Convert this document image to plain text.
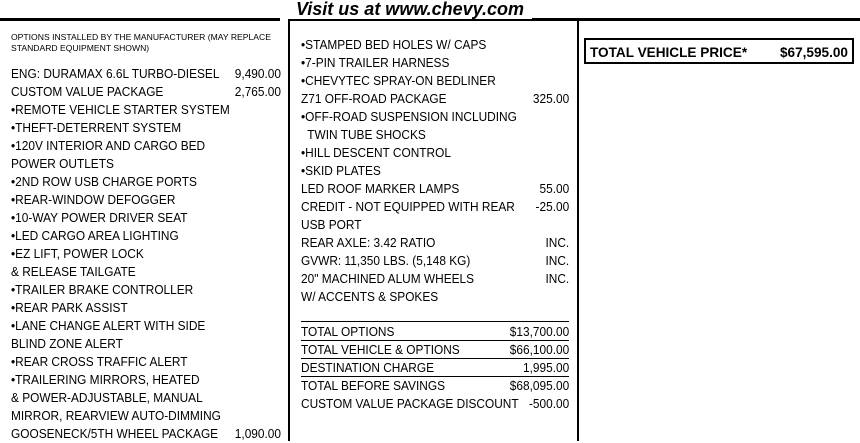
Visit us at www.chevy.com
OPTIONS INSTALLED BY THE MANUFACTURER (MAY REPLACE
STANDARD EQUIPMENT SHOWN)
ENG: DURAMAX 6.6L TURBO-DIESEL 9,490.00
CUSTOM VALUE PACKAGE	2,765.00
• REMOTE VEHICLE STARTER SYSTEM
• THEFT-DETERRENT SYSTEM
• 120V INTERIOR AND CARGO BED
POWER OUTLETS
• 2ND ROW USB CHARGE PORTS
• REAR-WINDOW DEFOGGER
• 10-WAY POWER DRIVER SEAT
• LED CARGO AREA LIGHTING
• EZ LIFT, POWER LOCK
& RELEASE TAILGATE
• TRAILER BRAKE CONTROLLER
• REAR PARK ASSIST
• LANE CHANGE ALERT WITH SIDE
BLIND ZONE ALERT
• REAR CROSS TRAFFIC ALERT
• TRAILERING MIRRORS, HEATED
& POWER-ADJUSTABLE, MANUAL
MIRROR, REARVIEW AUTO-DIMMING
GOOSENECK/5TH WHEEL PACKAGE 1,090.00
• STAMPED BED HOLES W/ CAPS
• 7-PIN TRAILER HARNESS
• CHEVYTEC SPRAY-ON BEDLINER
Z71 OFF-ROAD PACKAGE	325.00
• OFF-ROAD SUSPENSION INCLUDING
TWIN TUBE SHOCKS
• HILL DESCENT CONTROL
• SKID PLATES
LED ROOF MARKER LAMPS	55.00
CREDIT - NOT EQUIPPED WITH REAR -25.00
USB PORT
REAR AXLE: 3.42 RATIO	INC.
GVWR: 11,350 LBS. (5,148 KG)	INC.
20" MACHINED ALUM WHEELS	INC.
W/ ACCENTS & SPOKES
TOTAL OPTIONS	$13,700.00
TOTAL VEHICLE & OPTIONS	$66,100.00
DESTINATION CHARGE	1,995.00
TOTAL BEFORE SAVINGS	$68,095.00
CUSTOM VALUE PACKAGE DISCOUNT -500.00
TOTAL VEHICLE PRICE* $67,595.00
